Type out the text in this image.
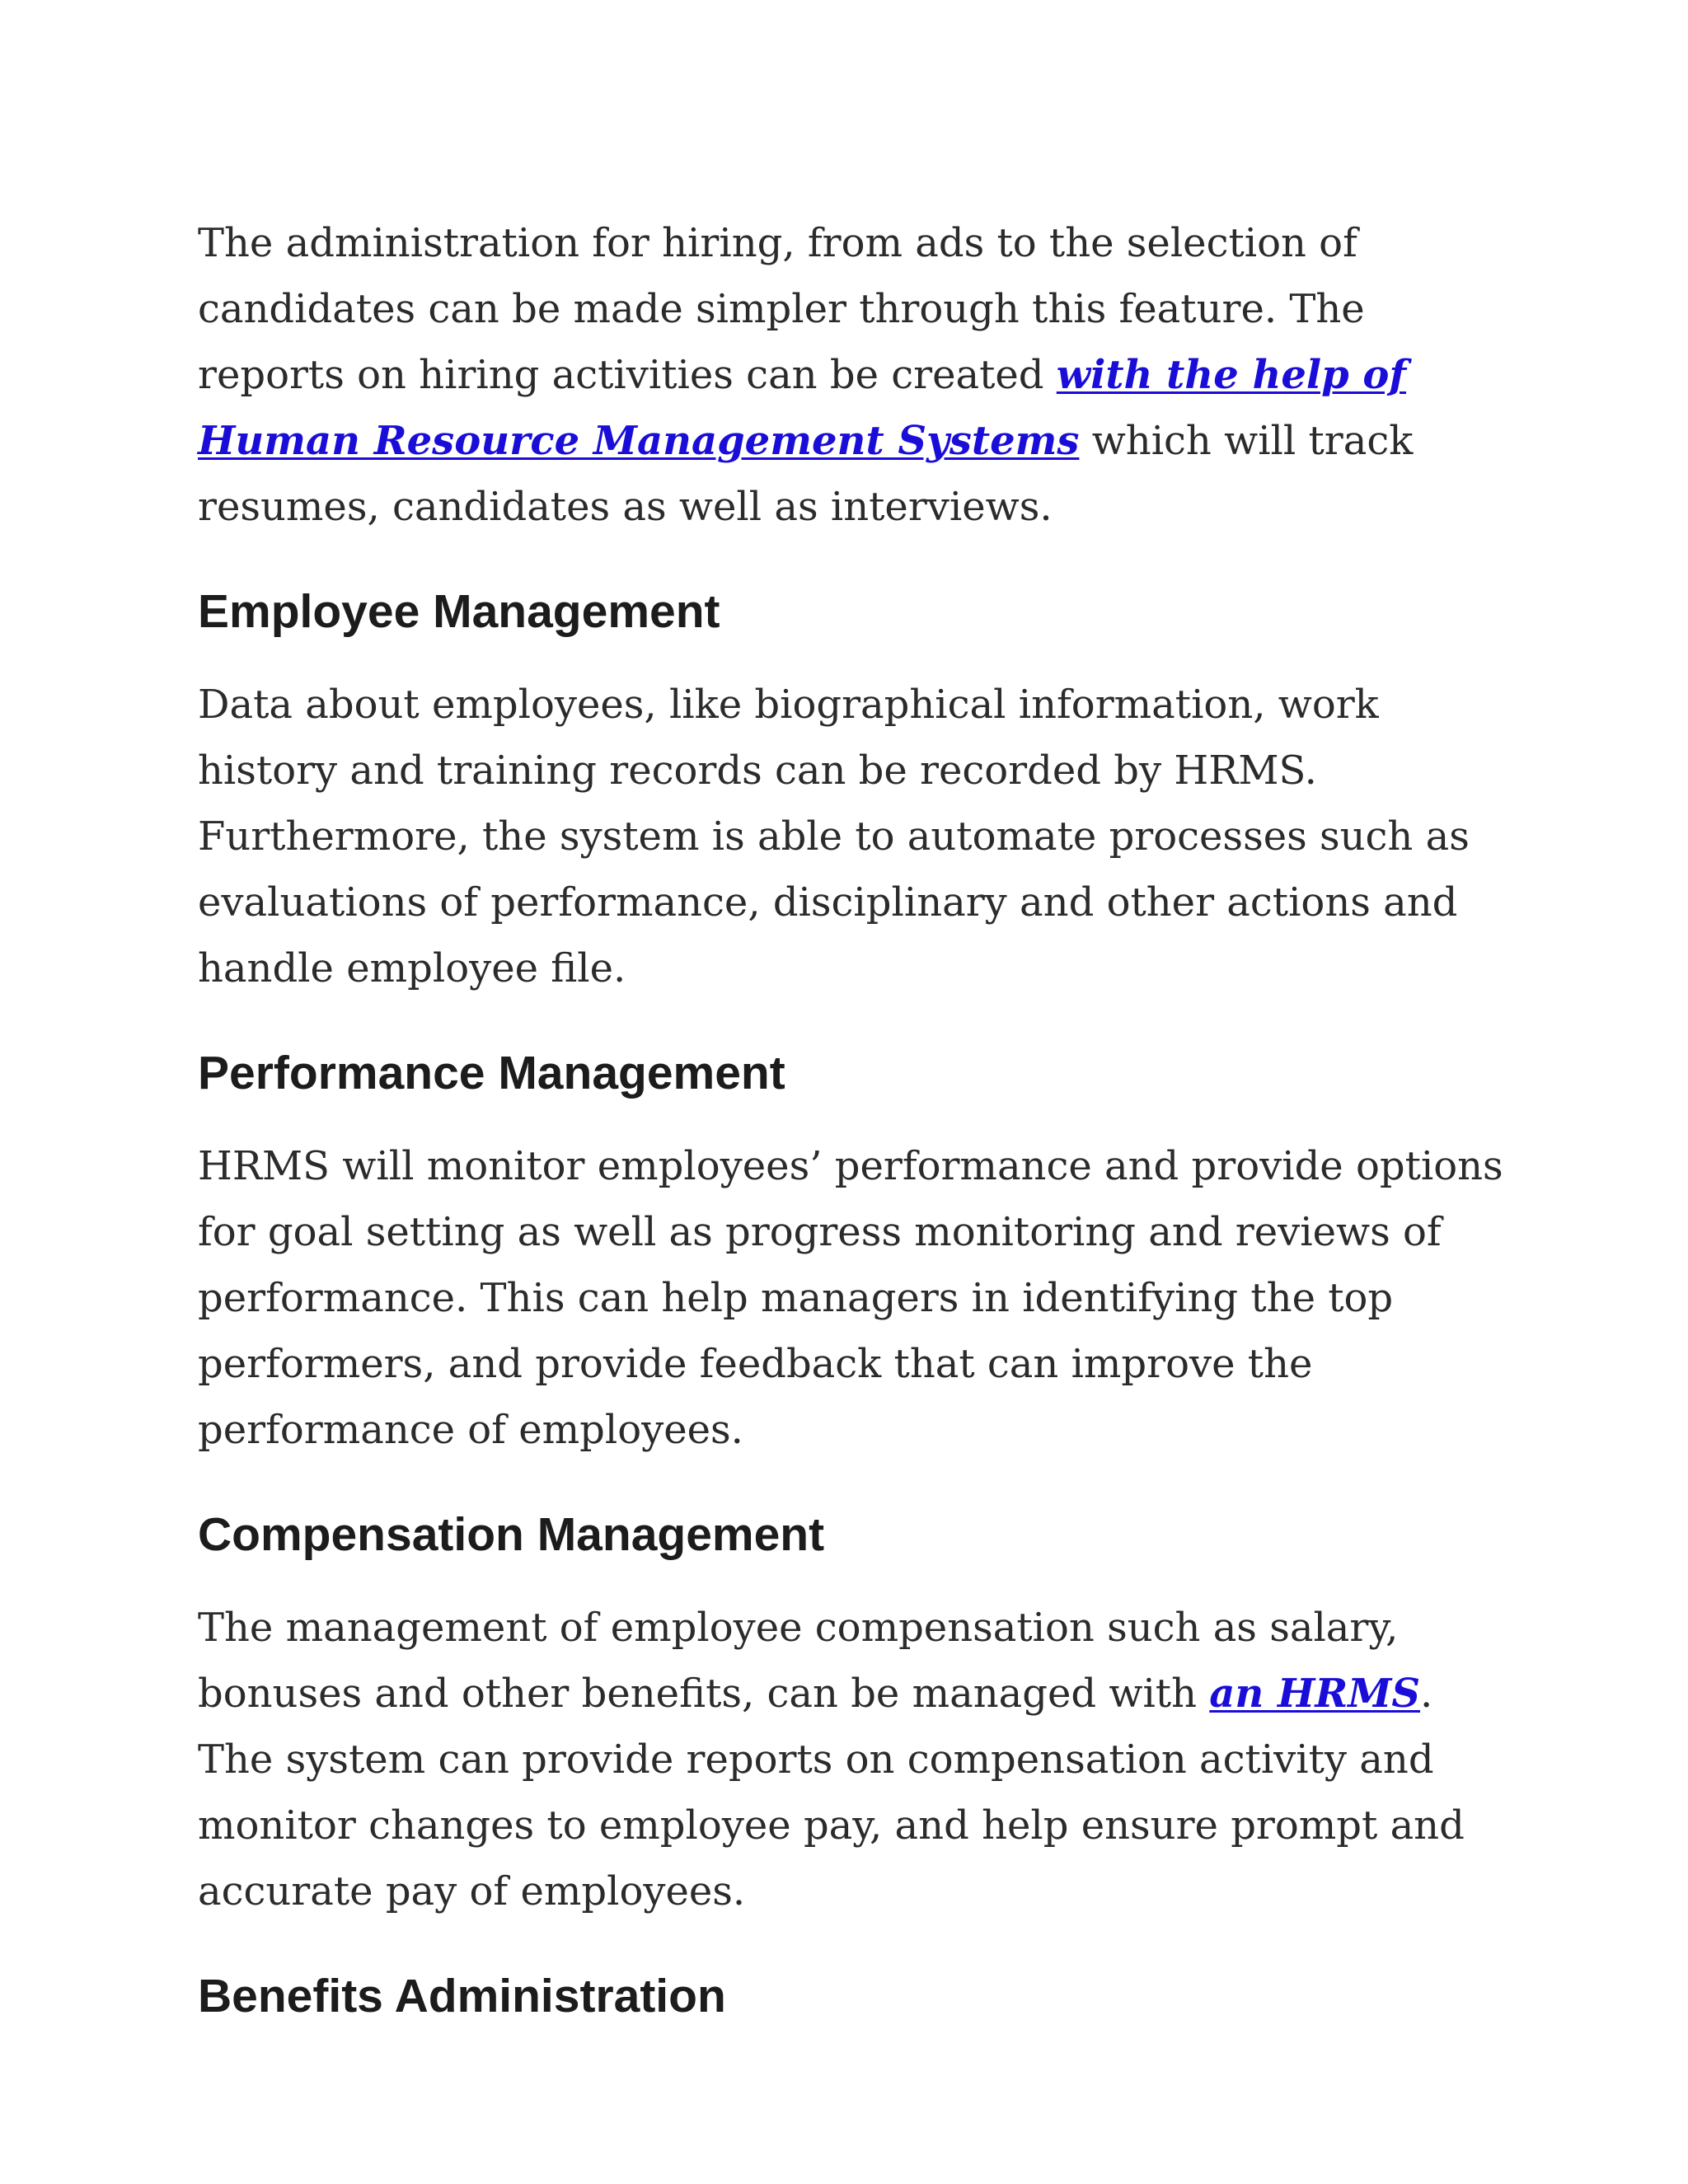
The administration for hiring, from ads to the selection of candidates can be made simpler through this feature. The reports on hiring activities can be created with the help of Human Resource Management Systems which will track resumes, candidates as well as interviews.

Employee Management

Data about employees, like biographical information, work history and training records can be recorded by HRMS. Furthermore, the system is able to automate processes such as evaluations of performance, disciplinary and other actions and handle employee file.

Performance Management

HRMS will monitor employees’ performance and provide options for goal setting as well as progress monitoring and reviews of performance. This can help managers in identifying the top performers, and provide feedback that can improve the performance of employees.

Compensation Management

The management of employee compensation such as salary, bonuses and other benefits, can be managed with an HRMS. The system can provide reports on compensation activity and monitor changes to employee pay, and help ensure prompt and accurate pay of employees.

Benefits Administration
